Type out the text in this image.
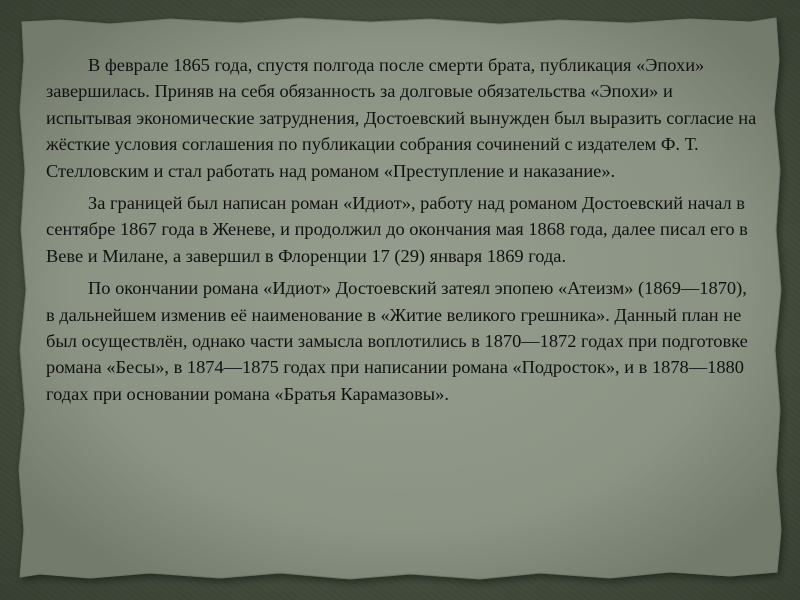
В феврале 1865 года, спустя полгода после смерти брата, публикация «Эпохи» завершилась. Приняв на себя обязанность за долговые обязательства «Эпохи» и испытывая экономические затруднения, Достоевский вынужден был выразить согласие на жёсткие условия соглашения по публикации собрания сочинений с издателем Ф. Т. Стелловским и стал работать над романом «Преступление и наказание».

За границей был написан роман «Идиот», работу над романом Достоевский начал в сентябре 1867 года в Женеве, и продолжил до окончания мая 1868 года, далее писал его в Веве и Милане, а завершил в Флоренции 17 (29) января 1869 года.

По окончании романа «Идиот» Достоевский затеял эпопею «Атеизм» (1869—1870), в дальнейшем изменив её наименование в «Житие великого грешника». Данный план не был осуществлён, однако части замысла воплотились в 1870—1872 годах при подготовке романа «Бесы», в 1874—1875 годах при написании романа «Подросток», и в 1878—1880 годах при основании романа «Братья Карамазовы».
